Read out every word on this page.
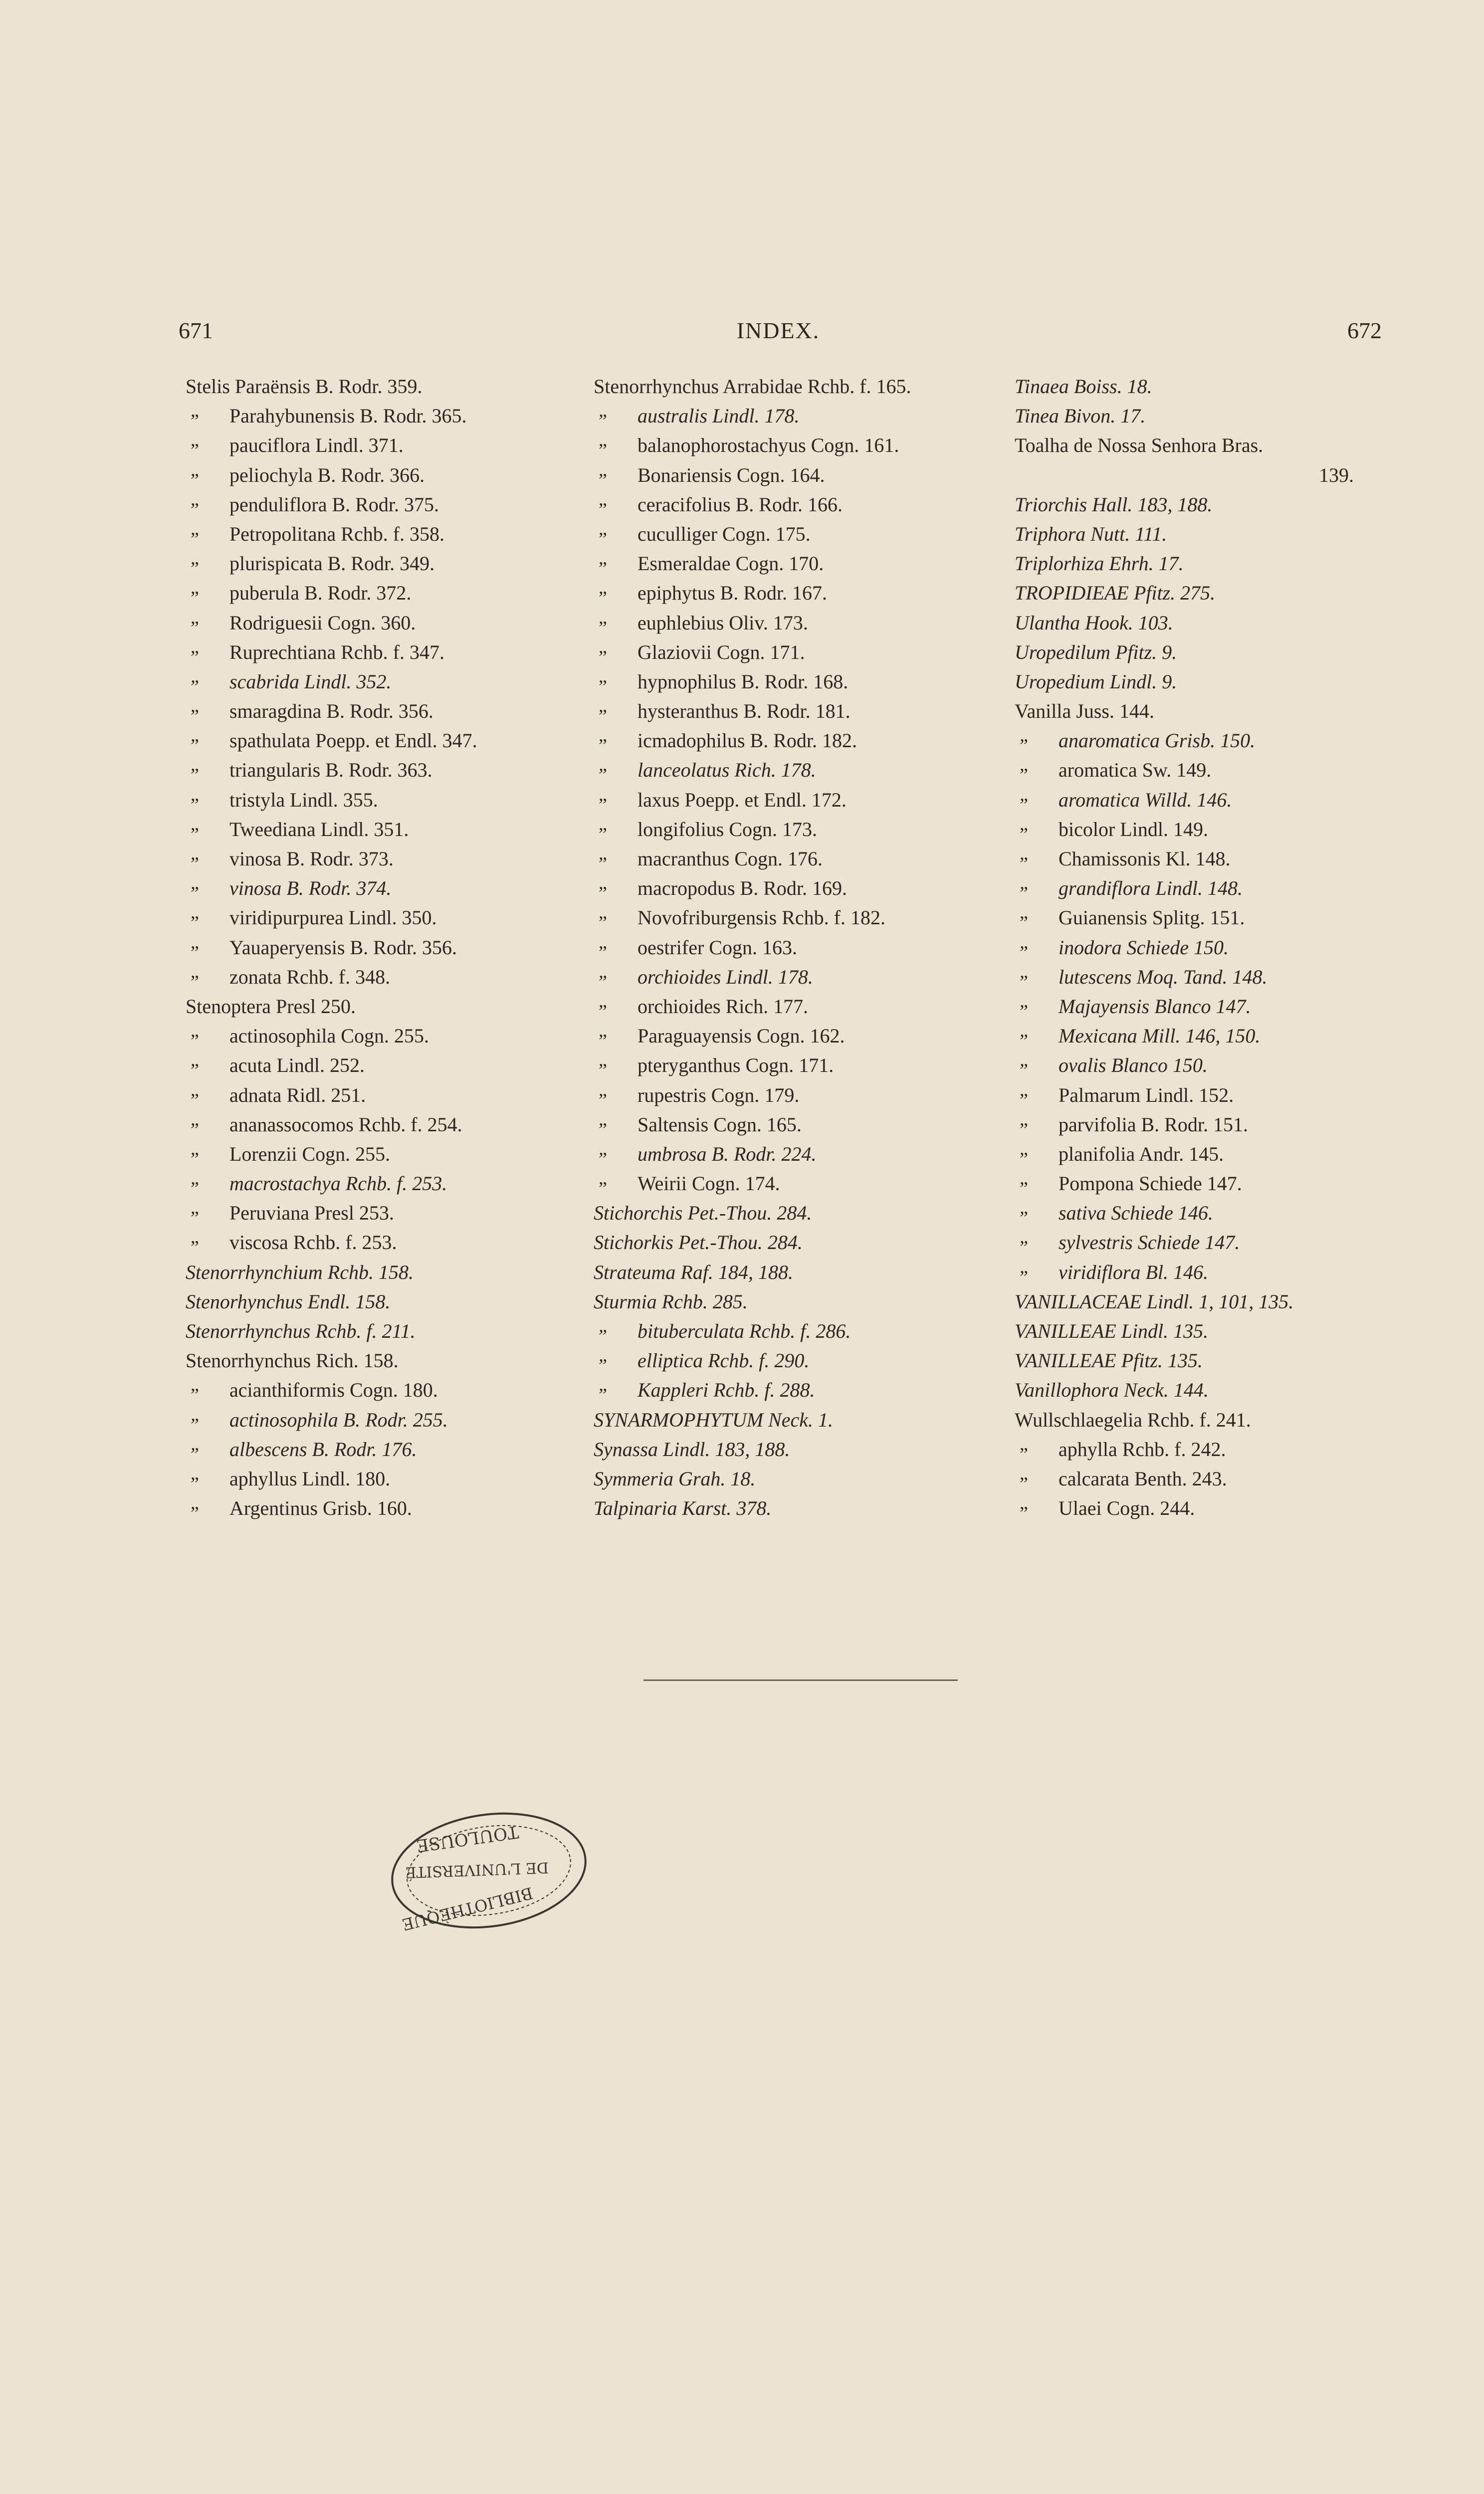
671	INDEX.	672
Stelis Paraënsis B. Rodr. 359.
„ Parahybunensis B. Rodr. 365.
„ pauciflora Lindl. 371.
„ peliochyla B. Rodr. 366.
„ penduliflora B. Rodr. 375.
„ Petropolitana Rchb. f. 358.
„ plurispicata B. Rodr. 349.
„ puberula B. Rodr. 372.
„ Rodriguesii Cogn. 360.
„ Ruprechtiana Rchb. f. 347.
„ scabrida Lindl. 352.
„ smaragdina B. Rodr. 356.
„ spathulata Poepp. et Endl. 347.
„ triangularis B. Rodr. 363.
„ tristyla Lindl. 355.
„ Tweediana Lindl. 351.
„ vinosa B. Rodr. 373.
„ vinosa B. Rodr. 374.
„ viridipurpurea Lindl. 350.
„ Yauaperyensis B. Rodr. 356.
„ zonata Rchb. f. 348.
Stenoptera Presl 250.
„ actinosophila Cogn. 255.
„ acuta Lindl. 252.
„ adnata Ridl. 251.
„ ananassocomos Rchb. f. 254.
„ Lorenzii Cogn. 255.
„ macrostachya Rchb. f. 253.
„ Peruviana Presl 253.
„ viscosa Rchb. f. 253.
Stenorrhynchium Rchb. 158.
Stenorhynchus Endl. 158.
Stenorrhynchus Rchb. f. 211.
Stenorrhynchus Rich. 158.
„ acianthiformis Cogn. 180.
„ actinosophila B. Rodr. 255.
„ albescens B. Rodr. 176.
„ aphyllus Lindl. 180.
„ Argentinus Grisb. 160.
Stenorrhynchus Arrabidae Rchb. f. 165.
„ australis Lindl. 178.
„ balanophorostachyus Cogn. 161.
„ Bonariensis Cogn. 164.
„ ceracifolius B. Rodr. 166.
„ cuculliger Cogn. 175.
„ Esmeraldae Cogn. 170.
„ epiphytus B. Rodr. 167.
„ euphlebius Oliv. 173.
„ Glaziovii Cogn. 171.
„ hypnophilus B. Rodr. 168.
„ hysteranthus B. Rodr. 181.
„ icmadophilus B. Rodr. 182.
„ lanceolatus Rich. 178.
„ laxus Poepp. et Endl. 172.
„ longifolius Cogn. 173.
„ macranthus Cogn. 176.
„ macropodus B. Rodr. 169.
„ Novofriburgensis Rchb. f. 182.
„ oestrifer Cogn. 163.
„ orchioides Lindl. 178.
„ orchioides Rich. 177.
„ Paraguayensis Cogn. 162.
„ pteryganthus Cogn. 171.
„ rupestris Cogn. 179.
„ Saltensis Cogn. 165.
„ umbrosa B. Rodr. 224.
„ Weirii Cogn. 174.
Stichorchis Pet.-Thou. 284.
Stichorkis Pet.-Thou. 284.
Strateuma Raf. 184, 188.
Sturmia Rchb. 285.
„ bituberculata Rchb. f. 286.
„ elliptica Rchb. f. 290.
„ Kappleri Rchb. f. 288.
SYNARMOPHYTUM Neck. 1.
Synassa Lindl. 183, 188.
Symmeria Grah. 18.
Talpinaria Karst. 378.
Tinaea Boiss. 18.
Tinea Bivon. 17.
Toalha de Nossa Senhora Bras.
139.
Triorchis Hall. 183, 188.
Triphora Nutt. 111.
Triplorhiza Ehrh. 17.
TROPIDIEAE Pfitz. 275.
Ulantha Hook. 103.
Uropedilum Pfitz. 9.
Uropedium Lindl. 9.
Vanilla Juss. 144.
„ anaromatica Grisb. 150.
„ aromatica Sw. 149.
„ aromatica Willd. 146.
„ bicolor Lindl. 149.
„ Chamissonis Kl. 148.
„ grandiflora Lindl. 148.
„ Guianensis Splitg. 151.
„ inodora Schiede 150.
„ lutescens Moq. Tand. 148.
„ Majayensis Blanco 147.
„ Mexicana Mill. 146, 150.
„ ovalis Blanco 150.
„ Palmarum Lindl. 152.
„ parvifolia B. Rodr. 151.
„ planifolia Andr. 145.
„ Pompona Schiede 147.
„ sativa Schiede 146.
„ sylvestris Schiede 147.
„ viridiflora Bl. 146.
VANILLACEAE Lindl. 1, 101, 135.
VANILLEAE Lindl. 135.
VANILLEAE Pfitz. 135.
Vanillophora Neck. 144.
Wullschlaegelia Rchb. f. 241.
„ aphylla Rchb. f. 242.
„ calcarata Benth. 243.
„ Ulaei Cogn. 244.
TOULOUSE
DE L'UNIVERSITÉ
BIBLIOTHÈQUE
